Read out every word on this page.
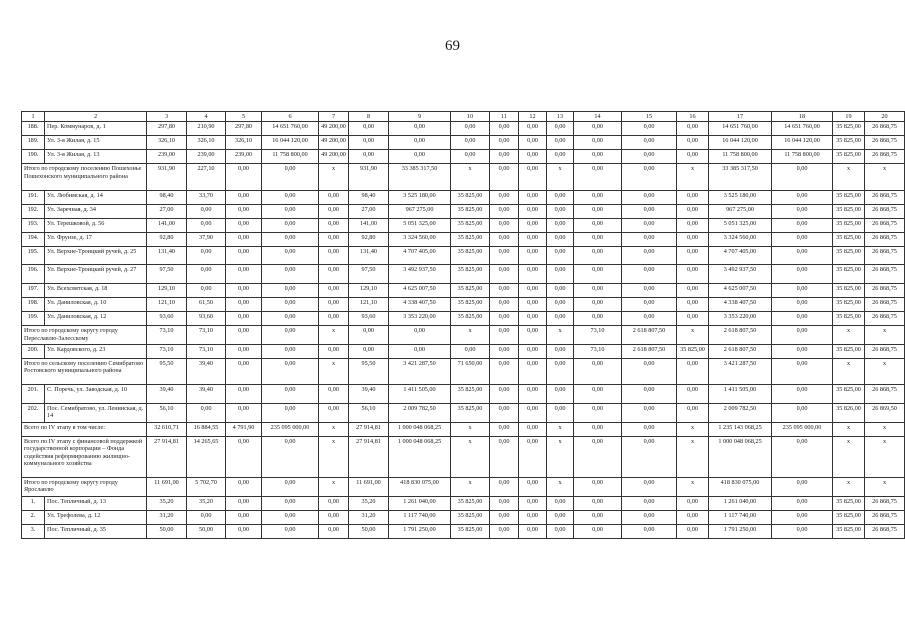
69
1	2	3	4	5	6	7	8	9	10	11	12	13	14	15	16	17	18	19	20
188.	Пер. Коммунаров, д. 1	297,80	210,90	297,80	14 651 760,00	49 200,00	0,00	0,00	0,00	0,00	0,00	0,00	0,00	0,00	0,00	14 651 760,00	14 651 760,00	35 825,00	26 868,75
189.	Ул. 3-я Жилая, д. 15	326,10	326,10	326,10	16 044 120,00	49 200,00	0,00	0,00	0,00	0,00	0,00	0,00	0,00	0,00	0,00	16 044 120,00	16 044 120,00	35 825,00	26 868,75
190.	Ул. 3-я Жилая, д. 13	239,00	239,00	239,00	11 758 800,00	49 200,00	0,00	0,00	0,00	0,00	0,00	0,00	0,00	0,00	0,00	11 758 800,00	11 758 800,00	35 825,00	26 868,75
Итого по городскому поселению Пошехонье Пошехонского муниципального района		931,90	227,10	0,00	0,00	x	931,90	33 385 317,50	x	0,00	0,00	x	0,00	0,00	x	33 385 317,50	0,00	x	x
191.	Ул. Любимская, д. 14	98,40	33,70	0,00	0,00	0,00	98,40	3 525 180,00	35 825,00	0,00	0,00	0,00	0,00	0,00	0,00	3 525 180,00	0,00	35 825,00	26 868,75
192.	Ул. Заречная, д. 34	27,00	0,00	0,00	0,00	0,00	27,00	967 275,00	35 825,00	0,00	0,00	0,00	0,00	0,00	0,00	967 275,00	0,00	35 825,00	26 868,75
193.	Ул. Терешковой, д. 56	141,00	0,00	0,00	0,00	0,00	141,00	5 051 325,00	35 825,00	0,00	0,00	0,00	0,00	0,00	0,00	5 051 325,00	0,00	35 825,00	26 868,75
194.	Ул. Фрунзе, д. 17	92,80	37,90	0,00	0,00	0,00	92,80	3 324 560,00	35 825,00	0,00	0,00	0,00	0,00	0,00	0,00	3 324 560,00	0,00	35 825,00	26 868,75
195.	Ул. Верхне-Троицкий ручей, д. 25	131,40	0,00	0,00	0,00	0,00	131,40	4 707 405,00	35 825,00	0,00	0,00	0,00	0,00	0,00	0,00	4 707 405,00	0,00	35 825,00	26 868,75
196.	Ул. Верхне-Троицкий ручей, д. 27	97,50	0,00	0,00	0,00	0,00	97,50	3 492 937,50	35 825,00	0,00	0,00	0,00	0,00	0,00	0,00	3 492 937,50	0,00	35 825,00	26 868,75
197.	Ул. Всехсвятская, д. 18	129,10	0,00	0,00	0,00	0,00	129,10	4 625 007,50	35 825,00	0,00	0,00	0,00	0,00	0,00	0,00	4 625 007,50	0,00	35 825,00	26 868,75
198.	Ул. Даниловская, д. 10	121,10	61,50	0,00	0,00	0,00	121,10	4 338 407,50	35 825,00	0,00	0,00	0,00	0,00	0,00	0,00	4 338 407,50	0,00	35 825,00	26 868,75
199.	Ул. Даниловская, д. 12	93,60	93,60	0,00	0,00	0,00	93,60	3 353 220,00	35 825,00	0,00	0,00	0,00	0,00	0,00	0,00	3 353 220,00	0,00	35 825,00	26 868,75
Итого по городскому округу городу Переславлю-Залесскому		73,10	73,10	0,00	0,00	x	0,00	0,00	x	0,00	0,00	x	73,10	2 618 807,50	x	2 618 807,50	0,00	x	x
200.	Ул. Кардовского, д. 23	73,10	73,10	0,00	0,00	0,00	0,00	0,00	0,00	0,00	0,00	0,00	73,10	2 618 807,50	35 825,00	2 618 807,50	0,00	35 825,00	26 868,75
Итого по сельскому поселению Семибратово Ростовского муниципального района		95,50	39,40	0,00	0,00	x	95,50	3 421 287,50	71 650,00	0,00	0,00	0,00	0,00	0,00	0,00	3 421 287,50	0,00	x	x
201.	С. Поречь, ул. Заводская, д. 10	39,40	39,40	0,00	0,00	0,00	39,40	1 411 505,00	35 825,00	0,00	0,00	0,00	0,00	0,00	0,00	1 411 505,00	0,00	35 825,00	26 868,75
202.	Пос. Семибратово, ул. Ленинская, д. 14	56,10	0,00	0,00	0,00	0,00	56,10	2 009 782,50	35 825,00	0,00	0,00	0,00	0,00	0,00	0,00	2 009 782,50	0,00	35 826,00	26 869,50
Всего по IV этапу в том числе:		32 610,71	16 884,55	4 791,90	235 095 000,00	x	27 914,81	1 000 048 068,25	x	0,00	0,00	x	0,00	0,00	x	1 235 143 068,25	235 095 000,00	x	x
Всего по IV этапу с финансовой поддержкой государственной корпорации – Фонда содействия реформированию жилищно-коммунального хозяйства		27 914,81	14 265,65	0,00	0,00	x	27 914,81	1 000 048 068,25	x	0,00	0,00	x	0,00	0,00	x	1 000 048 068,25	0,00	x	x
Итого по городскому округу городу Ярославлю		11 691,00	5 702,70	0,00	0,00	x	11 691,00	418 830 075,00	x	0,00	0,00	x	0,00	0,00	x	418 830 075,00	0,00	x	x
1.	Пос. Тепличный, д. 13	35,20	35,20	0,00	0,00	0,00	35,20	1 261 040,00	35 825,00	0,00	0,00	0,00	0,00	0,00	0,00	1 261 040,00	0,00	35 825,00	26 868,75
2.	Ул. Трефолева, д. 12	31,20	0,00	0,00	0,00	0,00	31,20	1 117 740,00	35 825,00	0,00	0,00	0,00	0,00	0,00	0,00	1 117 740,00	0,00	35 825,00	26 868,75
3.	Пос. Тепличный, д. 35	50,00	50,00	0,00	0,00	0,00	50,00	1 791 250,00	35 825,00	0,00	0,00	0,00	0,00	0,00	0,00	1 791 250,00	0,00	35 825,00	26 868,75
